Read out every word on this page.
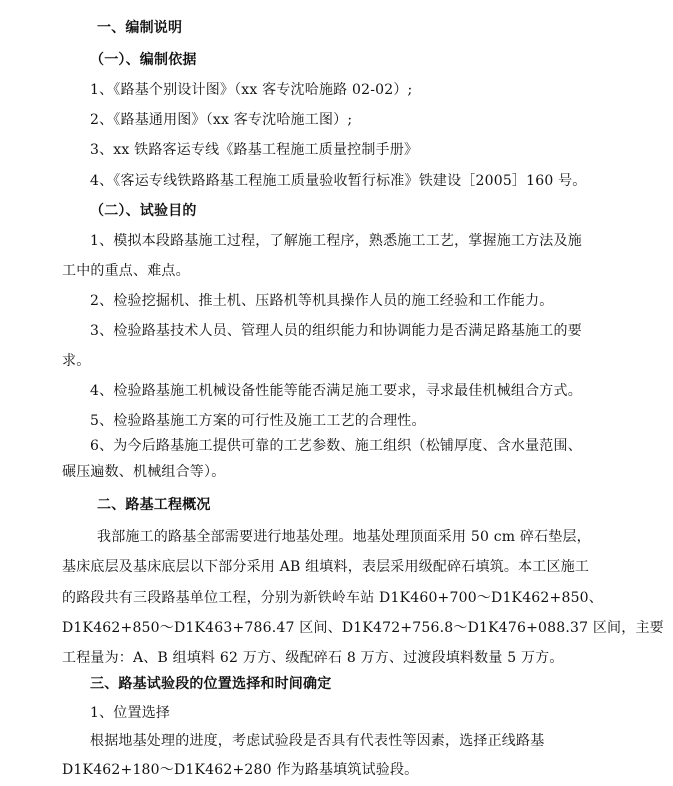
一、编制说明
（一）、编制依据
1、《路基个别设计图》（xx 客专沈哈施路 02-02）;
2、《路基通用图》（xx 客专沈哈施工图）;
3、xx 铁路客运专线《路基工程施工质量控制手册》
4、《客运专线铁路路基工程施工质量验收暂行标准》铁建设［2005］160 号。
（二）、试验目的
1、模拟本段路基施工过程，了解施工程序，熟悉施工工艺，掌握施工方法及施
工中的重点、难点。
2、检验挖掘机、推土机、压路机等机具操作人员的施工经验和工作能力。
3、检验路基技术人员、管理人员的组织能力和协调能力是否满足路基施工的要
求。
4、检验路基施工机械设备性能等能否满足施工要求，寻求最佳机械组合方式。
5、检验路基施工方案的可行性及施工工艺的合理性。
6、为今后路基施工提供可靠的工艺参数、施工组织（松铺厚度、含水量范围、
碾压遍数、机械组合等）。
二、路基工程概况
我部施工的路基全部需要进行地基处理。地基处理顶面采用 50 cm 碎石垫层，
基床底层及基床底层以下部分采用 AB 组填料，表层采用级配碎石填筑。本工区施工
的路段共有三段路基单位工程，分别为新铁岭车站 D1K460+700～D1K462+850、
D1K462+850～D1K463+786.47 区间、D1K472+756.8～D1K476+088.37 区间，主要
工程量为：A、B 组填料 62 万方、级配碎石 8 万方、过渡段填料数量 5 万方。
三、路基试验段的位置选择和时间确定
1、位置选择
根据地基处理的进度，考虑试验段是否具有代表性等因素，选择正线路基
D1K462+180～D1K462+280 作为路基填筑试验段。
